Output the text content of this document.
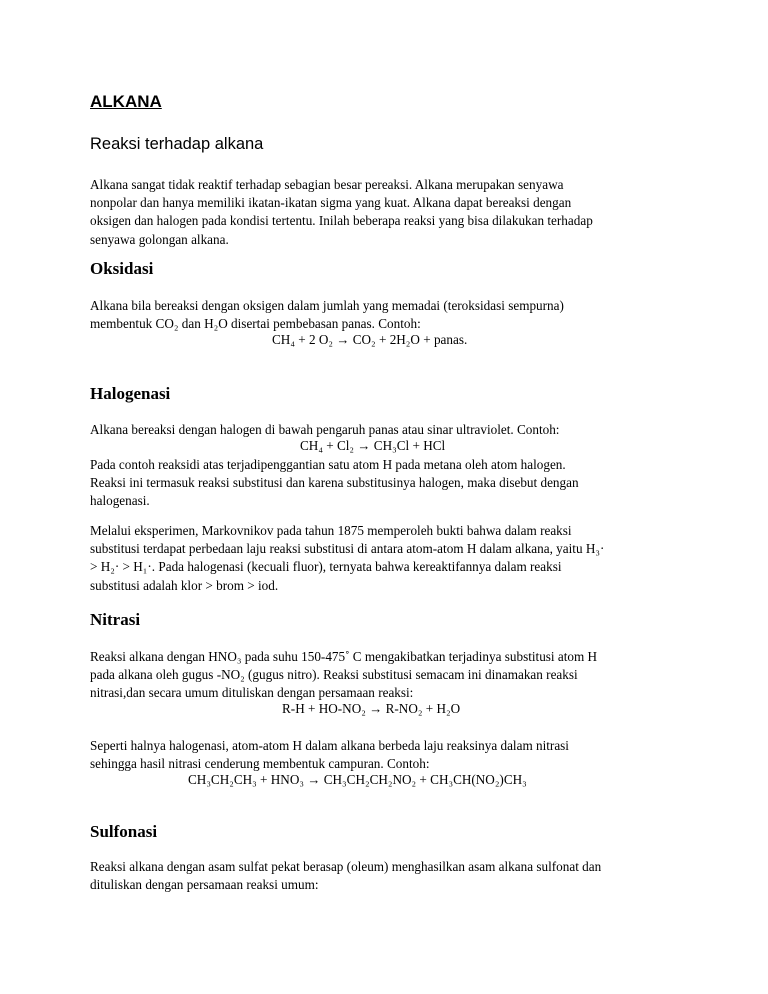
ALKANA
Reaksi terhadap alkana
Alkana sangat tidak reaktif terhadap sebagian besar pereaksi. Alkana merupakan senyawa
nonpolar dan hanya memiliki ikatan-ikatan sigma yang kuat. Alkana dapat bereaksi dengan
oksigen dan halogen pada kondisi tertentu. Inilah beberapa reaksi yang bisa dilakukan terhadap
senyawa golongan alkana.
Oksidasi
Alkana bila bereaksi dengan oksigen dalam jumlah yang memadai (teroksidasi sempurna)
membentuk CO₂ dan H₂O disertai pembebasan panas. Contoh:
CH₄ + 2 O₂ → CO₂ + 2H₂O + panas.
Halogenasi
Alkana bereaksi dengan halogen di bawah pengaruh panas atau sinar ultraviolet. Contoh:
CH₄ + Cl₂ → CH₃Cl + HCl
Pada contoh reaksidi atas terjadipenggantian satu atom H pada metana oleh atom halogen.
Reaksi ini termasuk reaksi substitusi dan karena substitusinya halogen, maka disebut dengan
halogenasi.
Melalui eksperimen, Markovnikov pada tahun 1875 memperoleh bukti bahwa dalam reaksi
substitusi terdapat perbedaan laju reaksi substitusi di antara atom-atom H dalam alkana, yaitu H₃·
> H₂· > H₁·. Pada halogenasi (kecuali fluor), ternyata bahwa kereaktifannya dalam reaksi
substitusi adalah klor > brom > iod.
Nitrasi
Reaksi alkana dengan HNO₃ pada suhu 150-475˚ C mengakibatkan terjadinya substitusi atom H
pada alkana oleh gugus -NO₂ (gugus nitro). Reaksi substitusi semacam ini dinamakan reaksi
nitrasi,dan secara umum dituliskan dengan persamaan reaksi:
R-H + HO-NO₂ → R-NO₂ + H₂O
Seperti halnya halogenasi, atom-atom H dalam alkana berbeda laju reaksinya dalam nitrasi
sehingga hasil nitrasi cenderung membentuk campuran. Contoh:
CH₃CH₂CH₃ + HNO₃ → CH₃CH₂CH₂NO₂ + CH₃CH(NO₂)CH₃
Sulfonasi
Reaksi alkana dengan asam sulfat pekat berasap (oleum) menghasilkan asam alkana sulfonat dan
dituliskan dengan persamaan reaksi umum:
